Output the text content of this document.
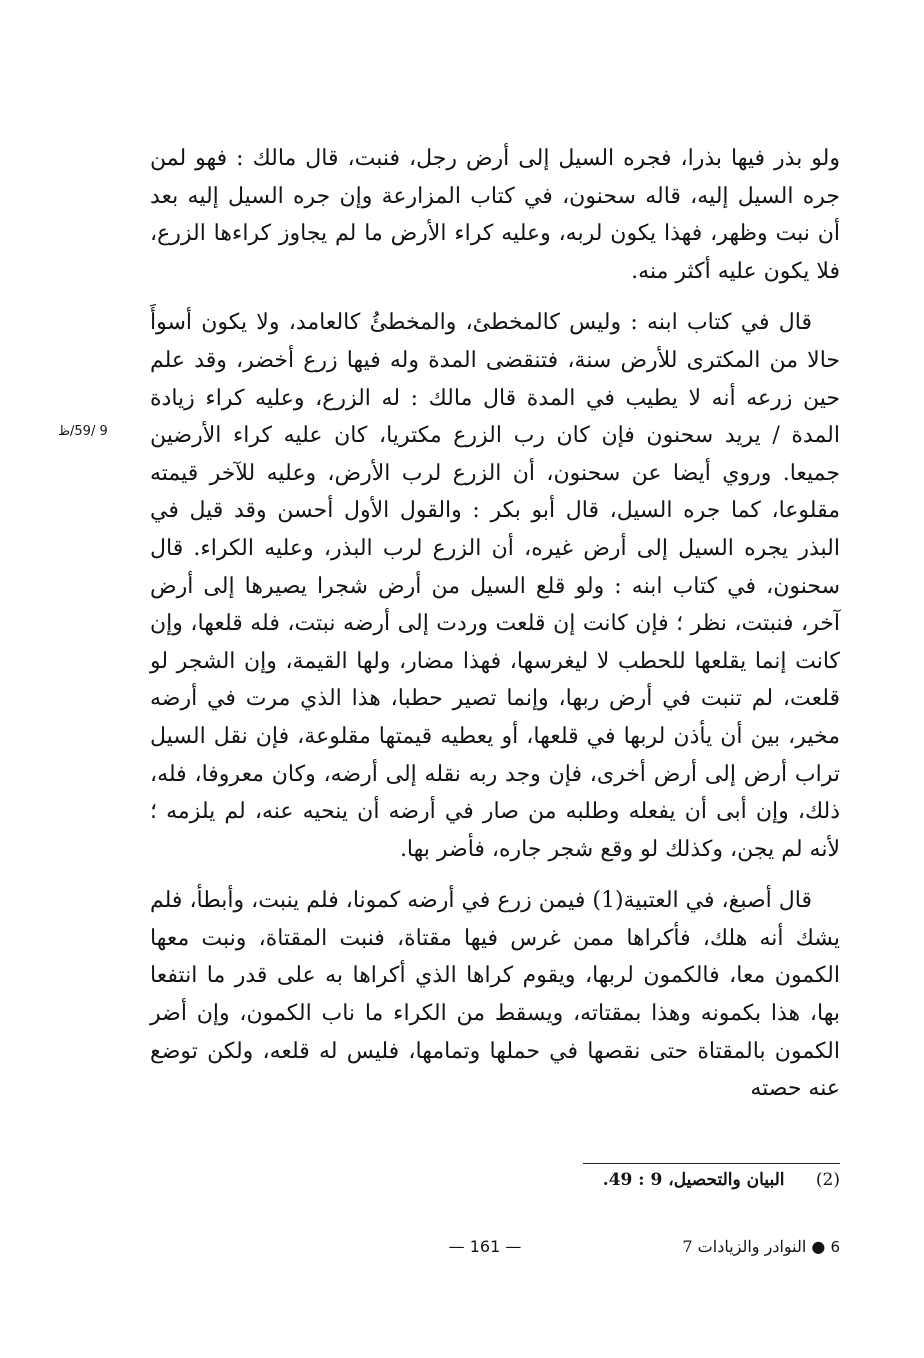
ولو بذر فيها بذرا، فجره السيل إلى أرض رجل، فنبت، قال مالك : فهو لمن جره السيل إليه، قاله سحنون، في كتاب المزارعة وإن جره السيل إليه بعد أن نبت وظهر، فهذا يكون لربه، وعليه كراء الأرض ما لم يجاوز كراءها الزرع، فلا يكون عليه أكثر منه.

قال في كتاب ابنه : وليس كالمخطئ، والمخطئُ كالعامد، ولا يكون أسوأَ حالا من المكترى للأرض سنة، فتنقضى المدة وله فيها زرع أخضر، وقد علم حين زرعه أنه لا يطيب في المدة قال مالك : له الزرع، وعليه كراء زيادة المدة / يريد سحنون فإن كان رب الزرع مكتريا، كان عليه كراء الأرضين جميعا. وروي أيضا عن سحنون، أن الزرع لرب الأرض، وعليه للآخر قيمته مقلوعا، كما جره السيل، قال أبو بكر : والقول الأول أحسن وقد قيل في البذر يجره السيل إلى أرض غيره، أن الزرع لرب البذر، وعليه الكراء. قال سحنون، في كتاب ابنه : ولو قلع السيل من أرض شجرا يصيرها إلى أرض آخر، فنبتت، نظر ؛ فإن كانت إن قلعت وردت إلى أرضه نبتت، فله قلعها، وإن كانت إنما يقلعها للحطب لا ليغرسها، فهذا مضار، ولها القيمة، وإن الشجر لو قلعت، لم تنبت في أرض ربها، وإنما تصير حطبا، هذا الذي مرت في أرضه مخير، بين أن يأذن لربها في قلعها، أو يعطيه قيمتها مقلوعة، فإن نقل السيل تراب أرض إلى أرض أخرى، فإن وجد ربه نقله إلى أرضه، وكان معروفا، فله، ذلك، وإن أبى أن يفعله وطلبه من صار في أرضه أن ينحيه عنه، لم يلزمه ؛ لأنه لم يجن، وكذلك لو وقع شجر جاره، فأضر بها.

قال أصبغ، في العتبية(1) فيمن زرع في أرضه كمونا، فلم ينبت، وأبطأ، فلم يشك أنه هلك، فأكراها ممن غرس فيها مقتاة، فنبت المقتاة، ونبت معها الكمون معا، فالكمون لربها، ويقوم كراها الذي أكراها به على قدر ما انتفعا بها، هذا بكمونه وهذا بمقتاته، ويسقط من الكراء ما ناب الكمون، وإن أضر الكمون بالمقتاة حتى نقصها في حملها وتمامها، فليس له قلعه، ولكن توضع عنه حصته

9 /59/ظ
(2) البيان والتحصيل، 9 : 49.
— 161 —	6 ● النوادر والزيادات 7
